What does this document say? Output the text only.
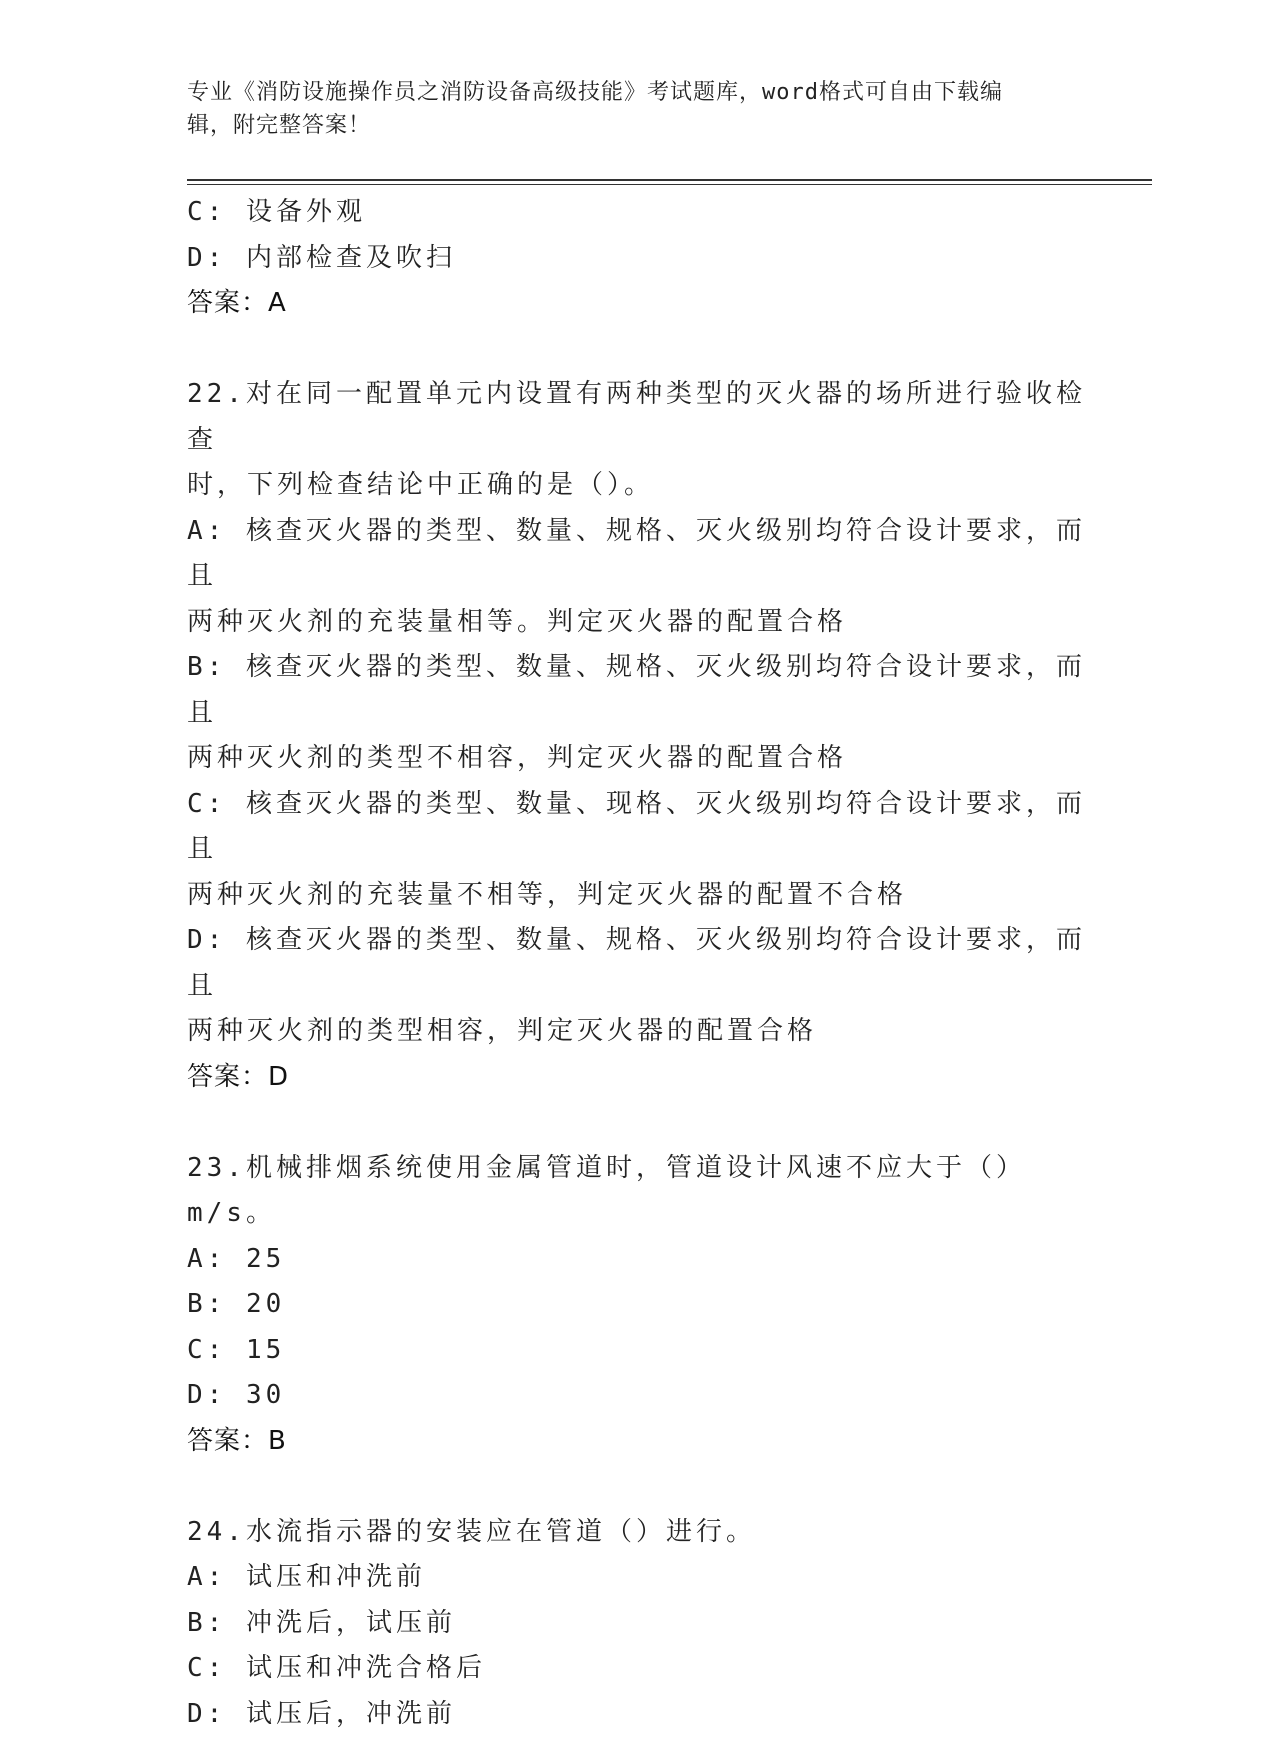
专业《消防设施操作员之消防设备高级技能》考试题库，word格式可自由下载编
辑，附完整答案！
C: 设备外观
D: 内部检查及吹扫
答案：A
22.对在同一配置单元内设置有两种类型的灭火器的场所进行验收检查
时，下列检查结论中正确的是（）。
A: 核查灭火器的类型、数量、规格、灭火级别均符合设计要求，而且
两种灭火剂的充装量相等。判定灭火器的配置合格
B: 核查灭火器的类型、数量、规格、灭火级别均符合设计要求，而且
两种灭火剂的类型不相容，判定灭火器的配置合格
C: 核查灭火器的类型、数量、现格、灭火级别均符合设计要求，而且
两种灭火剂的充装量不相等，判定灭火器的配置不合格
D: 核查灭火器的类型、数量、规格、灭火级别均符合设计要求，而且
两种灭火剂的类型相容，判定灭火器的配置合格
答案：D
23.机械排烟系统使用金属管道时，管道设计风速不应大于（）m/s。
A: 25
B: 20
C: 15
D: 30
答案：B
24.水流指示器的安装应在管道（）进行。
A: 试压和冲洗前
B: 冲洗后，试压前
C: 试压和冲洗合格后
D: 试压后，冲洗前
